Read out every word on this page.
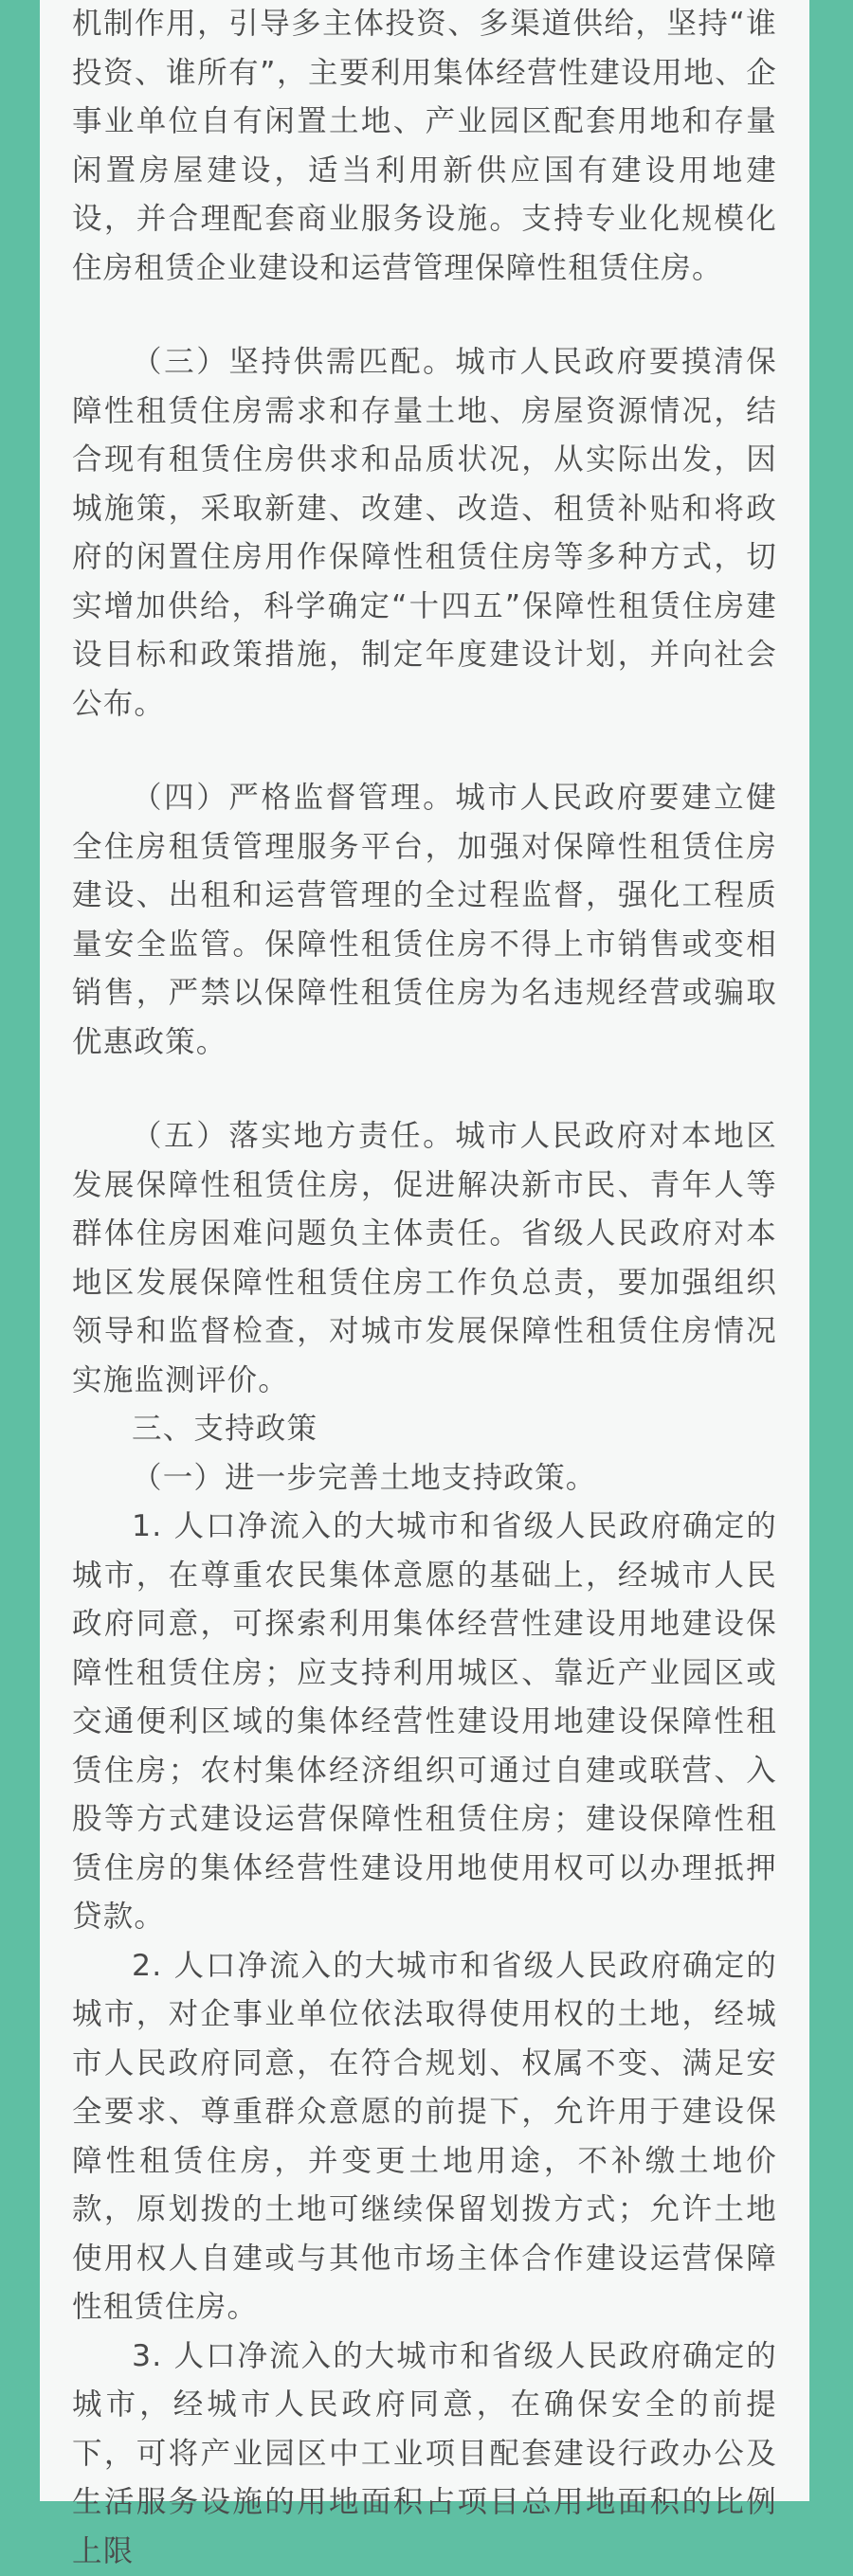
机制作用，引导多主体投资、多渠道供给，坚持“谁投资、谁所有”，主要利用集体经营性建设用地、企事业单位自有闲置土地、产业园区配套用地和存量闲置房屋建设，适当利用新供应国有建设用地建设，并合理配套商业服务设施。支持专业化规模化住房租赁企业建设和运营管理保障性租赁住房。

（三）坚持供需匹配。城市人民政府要摸清保障性租赁住房需求和存量土地、房屋资源情况，结合现有租赁住房供求和品质状况，从实际出发，因城施策，采取新建、改建、改造、租赁补贴和将政府的闲置住房用作保障性租赁住房等多种方式，切实增加供给，科学确定“十四五”保障性租赁住房建设目标和政策措施，制定年度建设计划，并向社会公布。

（四）严格监督管理。城市人民政府要建立健全住房租赁管理服务平台，加强对保障性租赁住房建设、出租和运营管理的全过程监督，强化工程质量安全监管。保障性租赁住房不得上市销售或变相销售，严禁以保障性租赁住房为名违规经营或骗取优惠政策。

（五）落实地方责任。城市人民政府对本地区发展保障性租赁住房，促进解决新市民、青年人等群体住房困难问题负主体责任。省级人民政府对本地区发展保障性租赁住房工作负总责，要加强组织领导和监督检查，对城市发展保障性租赁住房情况实施监测评价。

三、支持政策

（一）进一步完善土地支持政策。

1. 人口净流入的大城市和省级人民政府确定的城市，在尊重农民集体意愿的基础上，经城市人民政府同意，可探索利用集体经营性建设用地建设保障性租赁住房；应支持利用城区、靠近产业园区或交通便利区域的集体经营性建设用地建设保障性租赁住房；农村集体经济组织可通过自建或联营、入股等方式建设运营保障性租赁住房；建设保障性租赁住房的集体经营性建设用地使用权可以办理抵押贷款。

2. 人口净流入的大城市和省级人民政府确定的城市，对企事业单位依法取得使用权的土地，经城市人民政府同意，在符合规划、权属不变、满足安全要求、尊重群众意愿的前提下，允许用于建设保障性租赁住房，并变更土地用途，不补缴土地价款，原划拨的土地可继续保留划拨方式；允许土地使用权人自建或与其他市场主体合作建设运营保障性租赁住房。

3. 人口净流入的大城市和省级人民政府确定的城市，经城市人民政府同意，在确保安全的前提下，可将产业园区中工业项目配套建设行政办公及生活服务设施的用地面积占项目总用地面积的比例上限
